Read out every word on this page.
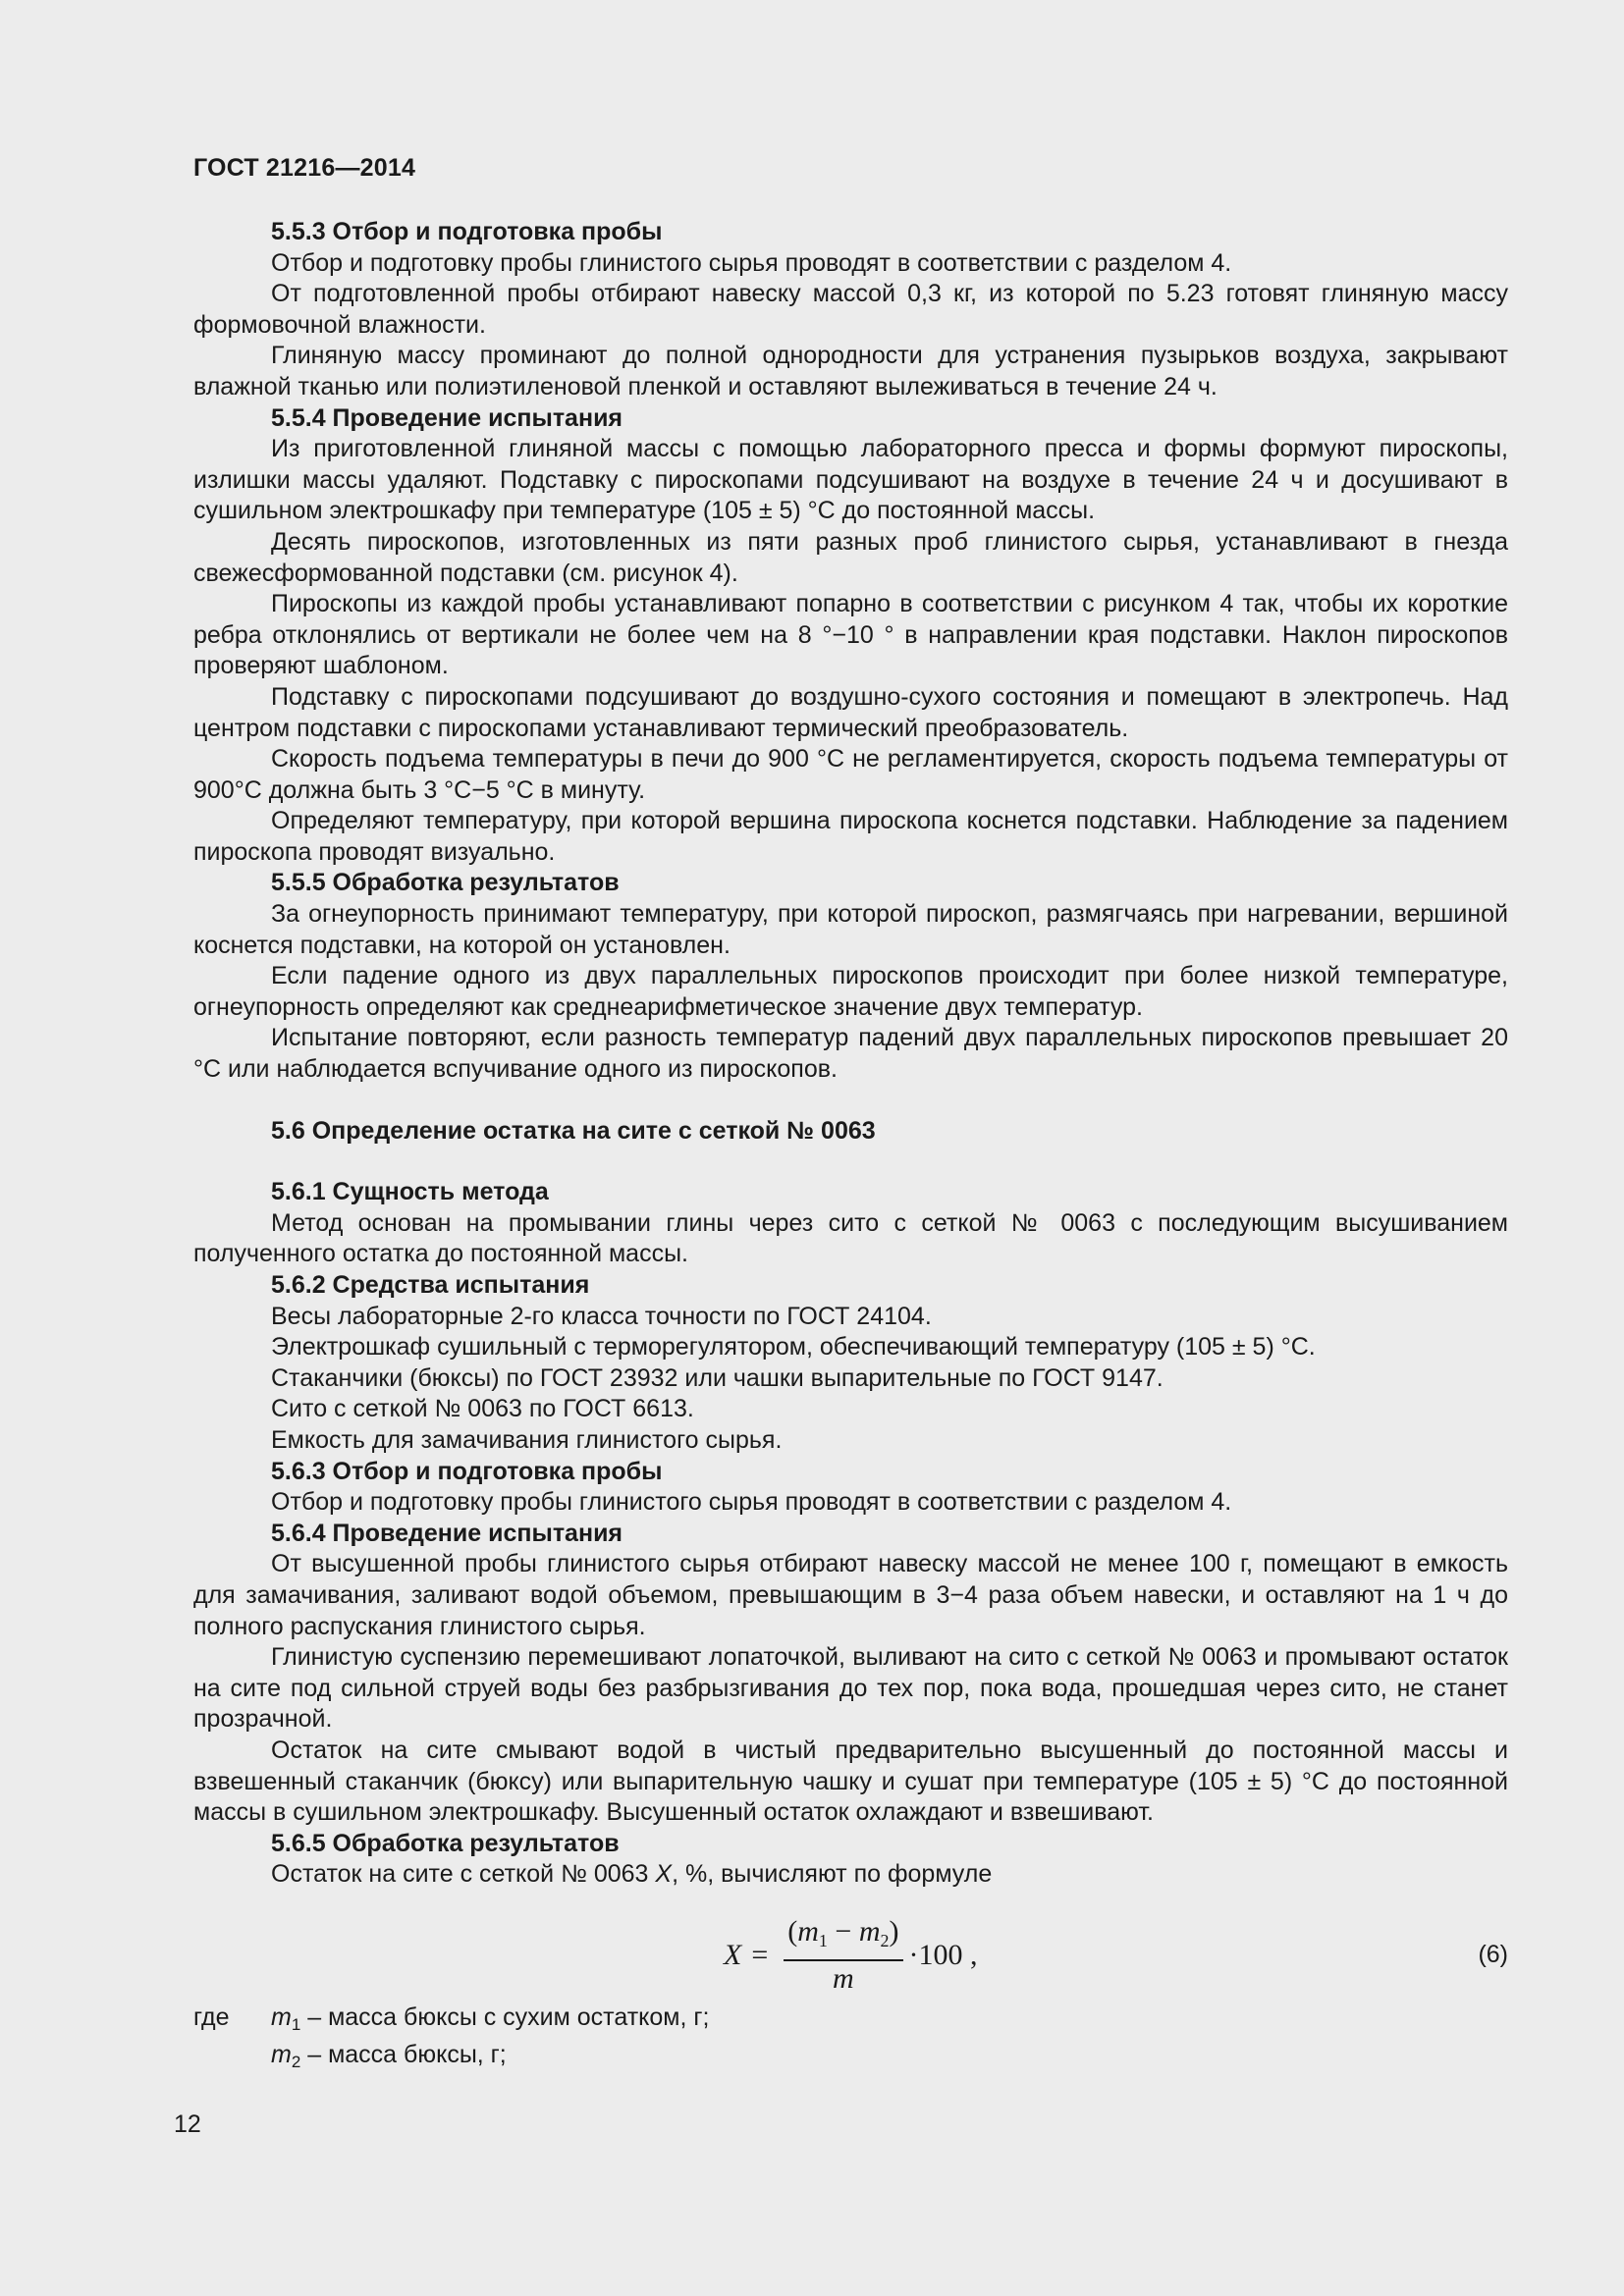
ГОСТ 21216—2014

5.5.3 Отбор и подготовка пробы

Отбор и подготовку пробы глинистого сырья проводят в соответствии с разделом 4.

От подготовленной пробы отбирают навеску массой 0,3 кг, из которой по 5.23 готовят глиняную массу формовочной влажности.

Глиняную массу проминают до полной однородности для устранения пузырьков воздуха, закрывают влажной тканью или полиэтиленовой пленкой и оставляют вылеживаться в течение 24 ч.

5.5.4 Проведение испытания

Из приготовленной глиняной массы с помощью лабораторного пресса и формы формуют пироскопы, излишки массы удаляют. Подставку с пироскопами подсушивают на воздухе в течение 24 ч и досушивают в сушильном электрошкафу при температуре (105 ± 5) °С до постоянной массы.

Десять пироскопов, изготовленных из пяти разных проб глинистого сырья, устанавливают в гнезда свежесформованной подставки (см. рисунок 4).

Пироскопы из каждой пробы устанавливают попарно в соответствии с рисунком 4 так, чтобы их короткие ребра отклонялись от вертикали не более чем на 8 °−10 ° в направлении края подставки. Наклон пироскопов проверяют шаблоном.

Подставку с пироскопами подсушивают до воздушно-сухого состояния и помещают в электропечь. Над центром подставки с пироскопами устанавливают термический преобразователь.

Скорость подъема температуры в печи до 900 °С не регламентируется, скорость подъема температуры от 900°С должна быть 3 °С−5 °С в минуту.

Определяют температуру, при которой вершина пироскопа коснется подставки. Наблюдение за падением пироскопа проводят визуально.

5.5.5 Обработка результатов

За огнеупорность принимают температуру, при которой пироскоп, размягчаясь при нагревании, вершиной коснется подставки, на которой он установлен.

Если падение одного из двух параллельных пироскопов происходит при более низкой температуре, огнеупорность определяют как среднеарифметическое значение двух температур.

Испытание повторяют, если разность температур падений двух параллельных пироскопов превышает 20 °С или наблюдается вспучивание одного из пироскопов.

5.6 Определение остатка на сите с сеткой № 0063

5.6.1 Сущность метода

Метод основан на промывании глины через сито с сеткой № 0063 с последующим высушиванием полученного остатка до постоянной массы.

5.6.2 Средства испытания

Весы лабораторные 2-го класса точности по ГОСТ 24104.

Электрошкаф сушильный с терморегулятором, обеспечивающий температуру (105 ± 5) °С.

Стаканчики (бюксы) по ГОСТ 23932 или чашки выпарительные по ГОСТ 9147.

Сито с сеткой № 0063 по ГОСТ 6613.

Емкость для замачивания глинистого сырья.

5.6.3 Отбор и подготовка пробы

Отбор и подготовку пробы глинистого сырья проводят в соответствии с разделом 4.

5.6.4 Проведение испытания

От высушенной пробы глинистого сырья отбирают навеску массой не менее 100 г, помещают в емкость для замачивания, заливают водой объемом, превышающим в 3−4 раза объем навески, и оставляют на 1 ч до полного распускания глинистого сырья.

Глинистую суспензию перемешивают лопаточкой, выливают на сито с сеткой № 0063 и промывают остаток на сите под сильной струей воды без разбрызгивания до тех пор, пока вода, прошедшая через сито, не станет прозрачной.

Остаток на сите смывают водой в чистый предварительно высушенный до постоянной массы и взвешенный стаканчик (бюксу) или выпарительную чашку и сушат при температуре (105 ± 5) °С до постоянной массы в сушильном электрошкафу. Высушенный остаток охлаждают и взвешивают.

5.6.5 Обработка результатов

Остаток на сите с сеткой № 0063 X, %, вычисляют по формуле

$X = \frac{(m_1 - m_2)}{m} \cdot 100$ ,	(6)
где	$m_1$ – масса бюксы с сухим остатком, г;
$m_2$ – масса бюксы, г;
12
